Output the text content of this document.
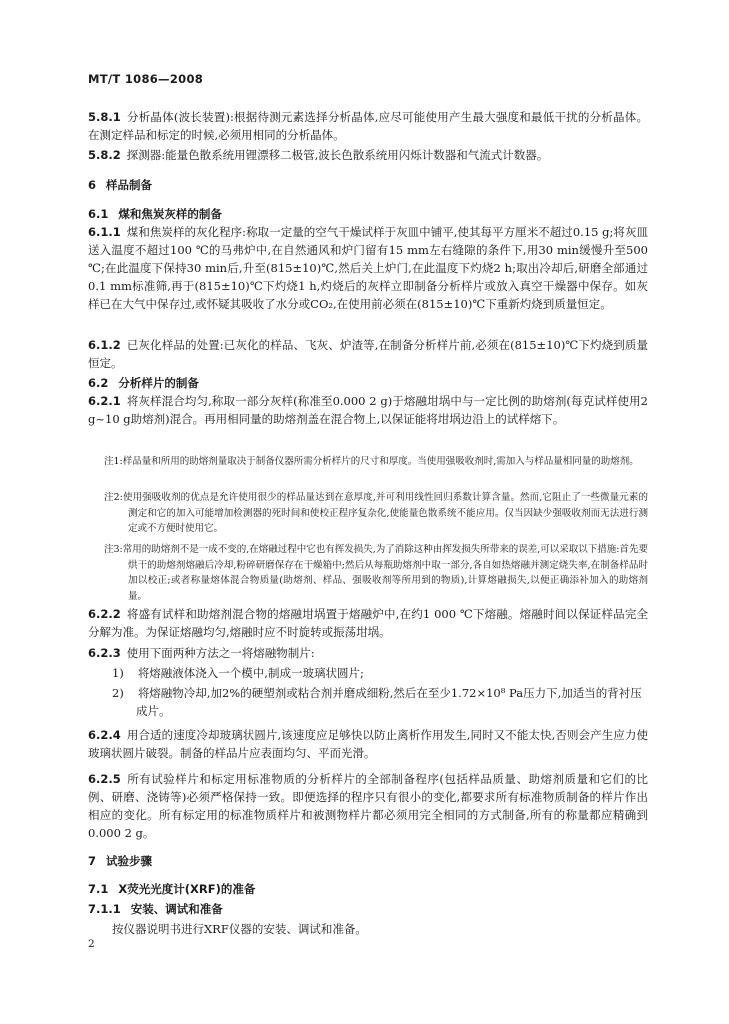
MT/T 1086—2008

5.8.1 分析晶体(波长装置):根据待测元素选择分析晶体,应尽可能使用产生最大强度和最低干扰的分析晶体。在测定样品和标定的时候,必须用相同的分析晶体。

5.8.2 探测器:能量色散系统用锂漂移二极管,波长色散系统用闪烁计数器和气流式计数器。

6 样品制备

6.1 煤和焦炭灰样的制备

6.1.1 煤和焦炭样的灰化程序:称取一定量的空气干燥试样于灰皿中铺平,使其每平方厘米不超过0.15 g;将灰皿送入温度不超过100 ℃的马弗炉中,在自然通风和炉门留有15 mm左右缝隙的条件下,用30 min缓慢升至500 ℃;在此温度下保持30 min后,升至(815±10)℃,然后关上炉门,在此温度下灼烧2 h;取出冷却后,研磨全部通过0.1 mm标准筛,再于(815±10)℃下灼烧1 h,灼烧后的灰样立即制备分析样片或放入真空干燥器中保存。如灰样已在大气中保存过,或怀疑其吸收了水分或CO₂,在使用前必须在(815±10)℃下重新灼烧到质量恒定。

6.1.2 已灰化样品的处置:已灰化的样品、飞灰、炉渣等,在制备分析样片前,必须在(815±10)℃下灼烧到质量恒定。

6.2 分析样片的制备

6.2.1 将灰样混合均匀,称取一部分灰样(称准至0.000 2 g)于熔融坩埚中与一定比例的助熔剂(每克试样使用2 g~10 g助熔剂)混合。再用相同量的助熔剂盖在混合物上,以保证能将坩埚边沿上的试样熔下。

注1:样品量和所用的助熔剂量取决于制备仪器所需分析样片的尺寸和厚度。当使用强吸收剂时,需加入与样品量相同量的助熔剂。

注2:使用强吸收剂的优点是允许使用很少的样品量达到在意厚度,并可利用线性回归系数计算含量。然而,它阻止了一些微量元素的测定和它的加入可能增加检测器的死时间和使校正程序复杂化,使能量色散系统不能应用。仅当因缺少强吸收剂而无法进行测定或不方便时使用它。

注3:常用的助熔剂不是一成不变的,在熔融过程中它也有挥发损失,为了消除这种由挥发损失所带来的误差,可以采取以下措施:首先要烘干的助熔剂熔融后冷却,粉碎研磨保存在干燥箱中;然后从每瓶助熔剂中取一部分,各自如热熔融并测定烧失率,在制备样品时加以校正;或者称量熔体混合物质量(助熔剂、样品、强吸收剂等所用到的物质),计算熔融损失,以便正确添补加入的助熔剂量。

6.2.2 将盛有试样和助熔剂混合物的熔融坩埚置于熔融炉中,在约1 000 ℃下熔融。熔融时间以保证样品完全分解为准。为保证熔融均匀,熔融时应不时旋转或振荡坩埚。

6.2.3 使用下面两种方法之一将熔融物制片:

1) 将熔融液体浇入一个模中,制成一玻璃状圆片;

2) 将熔融物冷却,加2%的硬塑剂或粘合剂并磨成细粉,然后在至少1.72×10⁸ Pa压力下,加适当的背衬压成片。

6.2.4 用合适的速度冷却玻璃状圆片,该速度应足够快以防止离析作用发生,同时又不能太快,否则会产生应力使玻璃状圆片破裂。制备的样品片应表面均匀、平而光滑。

6.2.5 所有试验样片和标定用标准物质的分析样片的全部制备程序(包括样品质量、助熔剂质量和它们的比例、研磨、浇铸等)必须严格保持一致。即便选择的程序只有很小的变化,都要求所有标准物质制备的样片作出相应的变化。所有标定用的标准物质样片和被测物样片都必须用完全相同的方式制备,所有的称量都应精确到0.000 2 g。

7 试验步骤

7.1 X荧光光度计(XRF)的准备

7.1.1 安装、调试和准备

按仪器说明书进行XRF仪器的安装、调试和准备。

2
